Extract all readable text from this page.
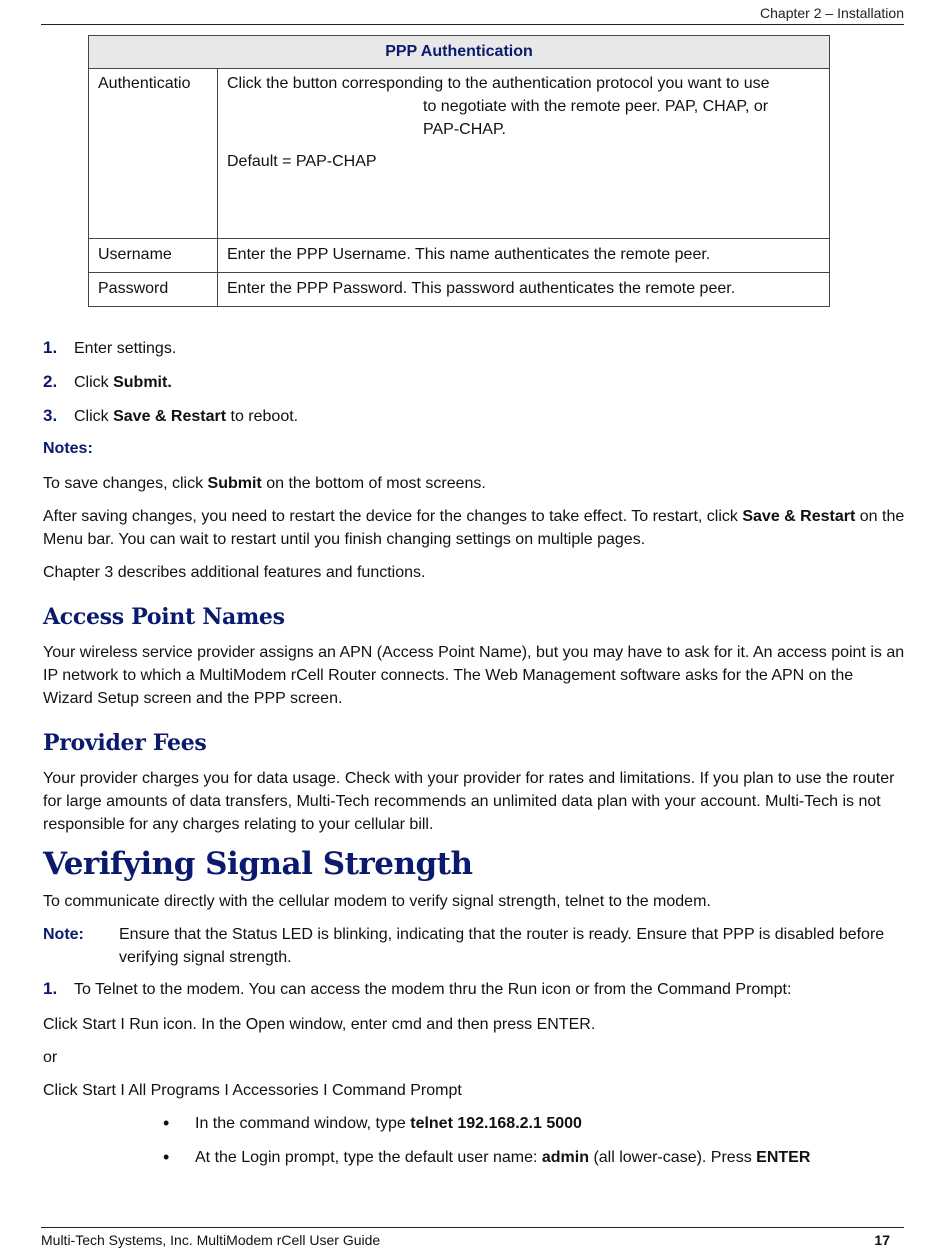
Chapter 2 – Installation
PPP Authentication	
Authenticatio	Click the button corresponding to the authentication protocol you want to use
to negotiate with the remote peer. PAP, CHAP, or
PAP-CHAP.
Default = PAP-CHAP

Username	Enter the PPP Username. This name authenticates the remote peer.
Password	Enter the PPP Password. This password authenticates the remote peer.
1.	Enter settings.
2.	Click Submit.
3.	Click Save & Restart to reboot.
Notes:

To save changes, click Submit on the bottom of most screens.

After saving changes, you need to restart the device for the changes to take effect. To restart, click Save & Restart on the Menu bar. You can wait to restart until you finish changing settings on multiple pages.

Chapter 3 describes additional features and functions.

Access Point Names

Your wireless service provider assigns an APN (Access Point Name), but you may have to ask for it. An access point is an IP network to which a MultiModem rCell Router connects. The Web Management software asks for the APN on the Wizard Setup screen and the PPP screen.

Provider Fees

Your provider charges you for data usage. Check with your provider for rates and limitations. If you plan to use the router for large amounts of data transfers, Multi-Tech recommends an unlimited data plan with your account. Multi-Tech is not responsible for any charges relating to your cellular bill.

Verifying Signal Strength

To communicate directly with the cellular modem to verify signal strength, telnet to the modem.

Note:	Ensure that the Status LED is blinking, indicating that the router is ready. Ensure that PPP is disabled before verifying signal strength.
1.	To Telnet to the modem. You can access the modem thru the Run icon or from the Command Prompt:

Click Start I Run icon. In the Open window, enter cmd and then press ENTER.

or

Click Start I All Programs I Accessories I Command Prompt

•	In the command window, type telnet 192.168.2.1 5000
•	At the Login prompt, type the default user name: admin (all lower-case). Press ENTER
Multi-Tech Systems, Inc. MultiModem rCell User Guide	17
